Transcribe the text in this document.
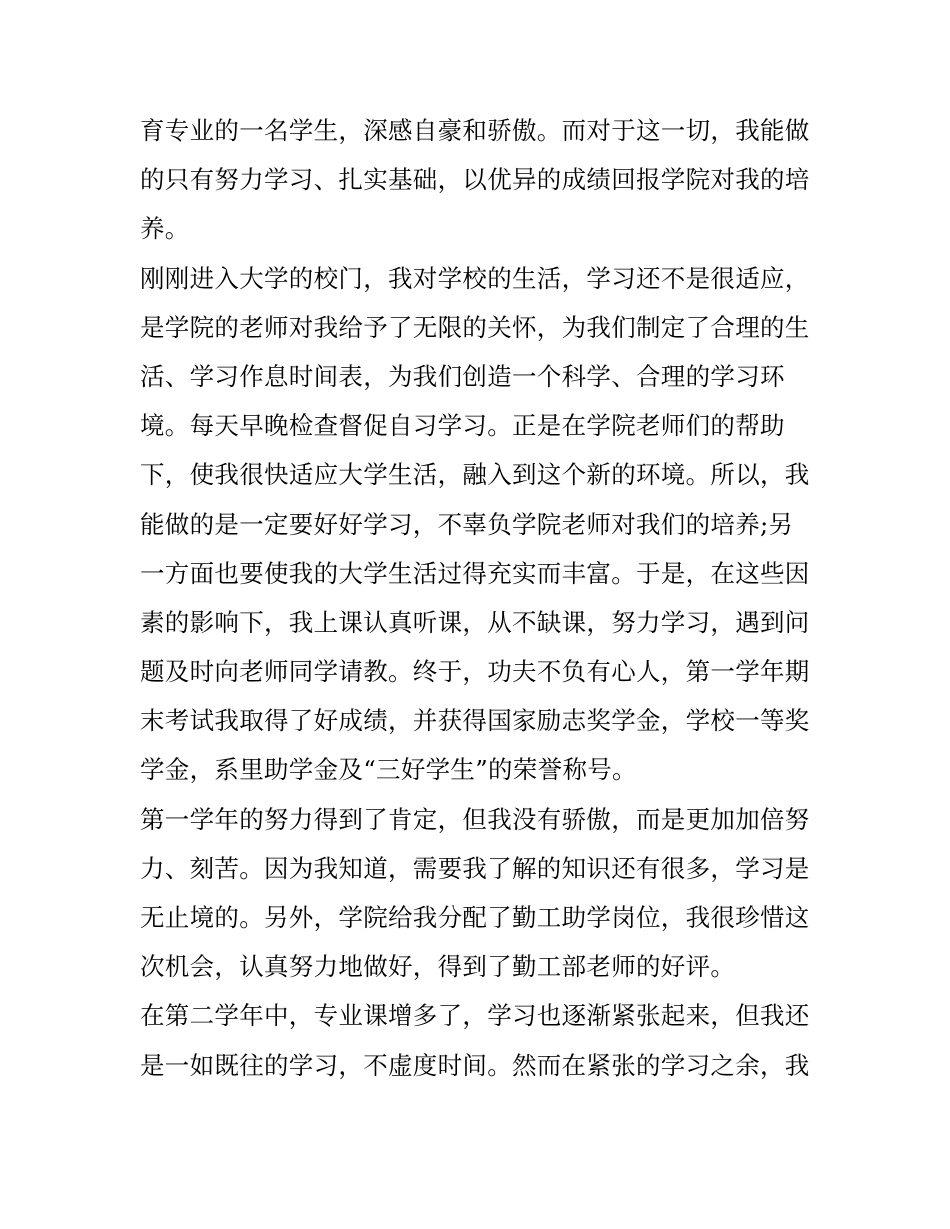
育专业的一名学生，深感自豪和骄傲。而对于这一切，我能做
的只有努力学习、扎实基础，以优异的成绩回报学院对我的培
养。
刚刚进入大学的校门，我对学校的生活，学习还不是很适应，
是学院的老师对我给予了无限的关怀，为我们制定了合理的生
活、学习作息时间表，为我们创造一个科学、合理的学习环
境。每天早晚检查督促自习学习。正是在学院老师们的帮助
下，使我很快适应大学生活，融入到这个新的环境。所以，我
能做的是一定要好好学习，不辜负学院老师对我们的培养;另
一方面也要使我的大学生活过得充实而丰富。于是，在这些因
素的影响下，我上课认真听课，从不缺课，努力学习，遇到问
题及时向老师同学请教。终于，功夫不负有心人，第一学年期
末考试我取得了好成绩，并获得国家励志奖学金，学校一等奖
学金，系里助学金及“三好学生”的荣誉称号。
第一学年的努力得到了肯定，但我没有骄傲，而是更加加倍努
力、刻苦。因为我知道，需要我了解的知识还有很多，学习是
无止境的。另外，学院给我分配了勤工助学岗位，我很珍惜这
次机会，认真努力地做好，得到了勤工部老师的好评。
在第二学年中，专业课增多了，学习也逐渐紧张起来，但我还
是一如既往的学习，不虚度时间。然而在紧张的学习之余，我
